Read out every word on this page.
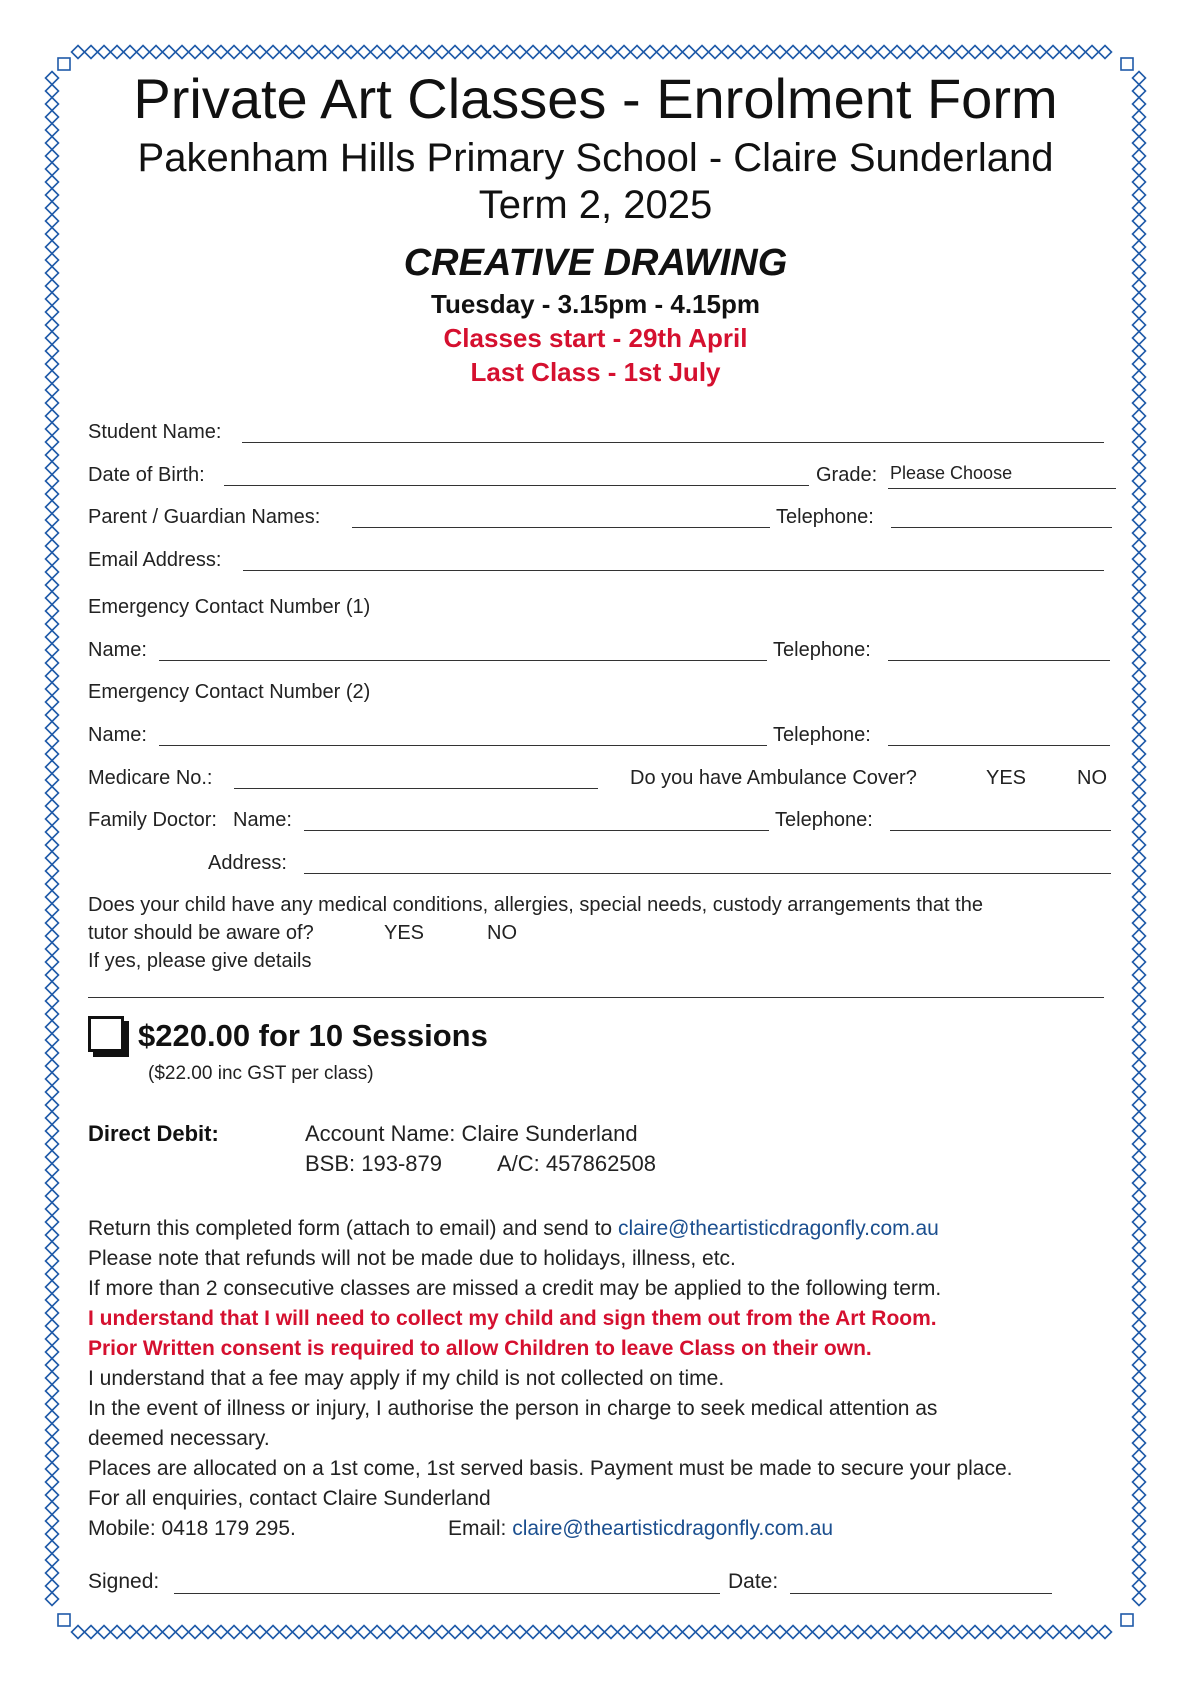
Private Art Classes - Enrolment Form
Pakenham Hills Primary School - Claire Sunderland
Term 2, 2025
CREATIVE DRAWING
Tuesday - 3.15pm - 4.15pm
Classes start - 29th April
Last Class - 1st July
Student Name:
Date of Birth:	Grade: Please Choose
Parent / Guardian Names:	Telephone:
Email Address:
Emergency Contact Number (1)
Name:	Telephone:
Emergency Contact Number (2)
Name:	Telephone:
Medicare No.:	Do you have Ambulance Cover?	YES	NO
Family Doctor: Name:	Telephone:
Address:
Does your child have any medical conditions, allergies, special needs, custody arrangements that the
tutor should be aware of?	YES	NO
If yes, please give details
$220.00 for 10 Sessions
($22.00 inc GST per class)
Direct Debit:	Account Name: Claire Sunderland
BSB: 193-879	A/C: 457862508
Return this completed form (attach to email) and send to claire@theartisticdragonfly.com.au
Please note that refunds will not be made due to holidays, illness, etc.
If more than 2 consecutive classes are missed a credit may be applied to the following term.
I understand that I will need to collect my child and sign them out from the Art Room.
Prior Written consent is required to allow Children to leave Class on their own.
I understand that a fee may apply if my child is not collected on time.
In the event of illness or injury, I authorise the person in charge to seek medical attention as
deemed necessary.
Places are allocated on a 1st come, 1st served basis. Payment must be made to secure your place.
For all enquiries, contact Claire Sunderland
Mobile: 0418 179 295.	Email: claire@theartisticdragonfly.com.au
Signed:	Date:
